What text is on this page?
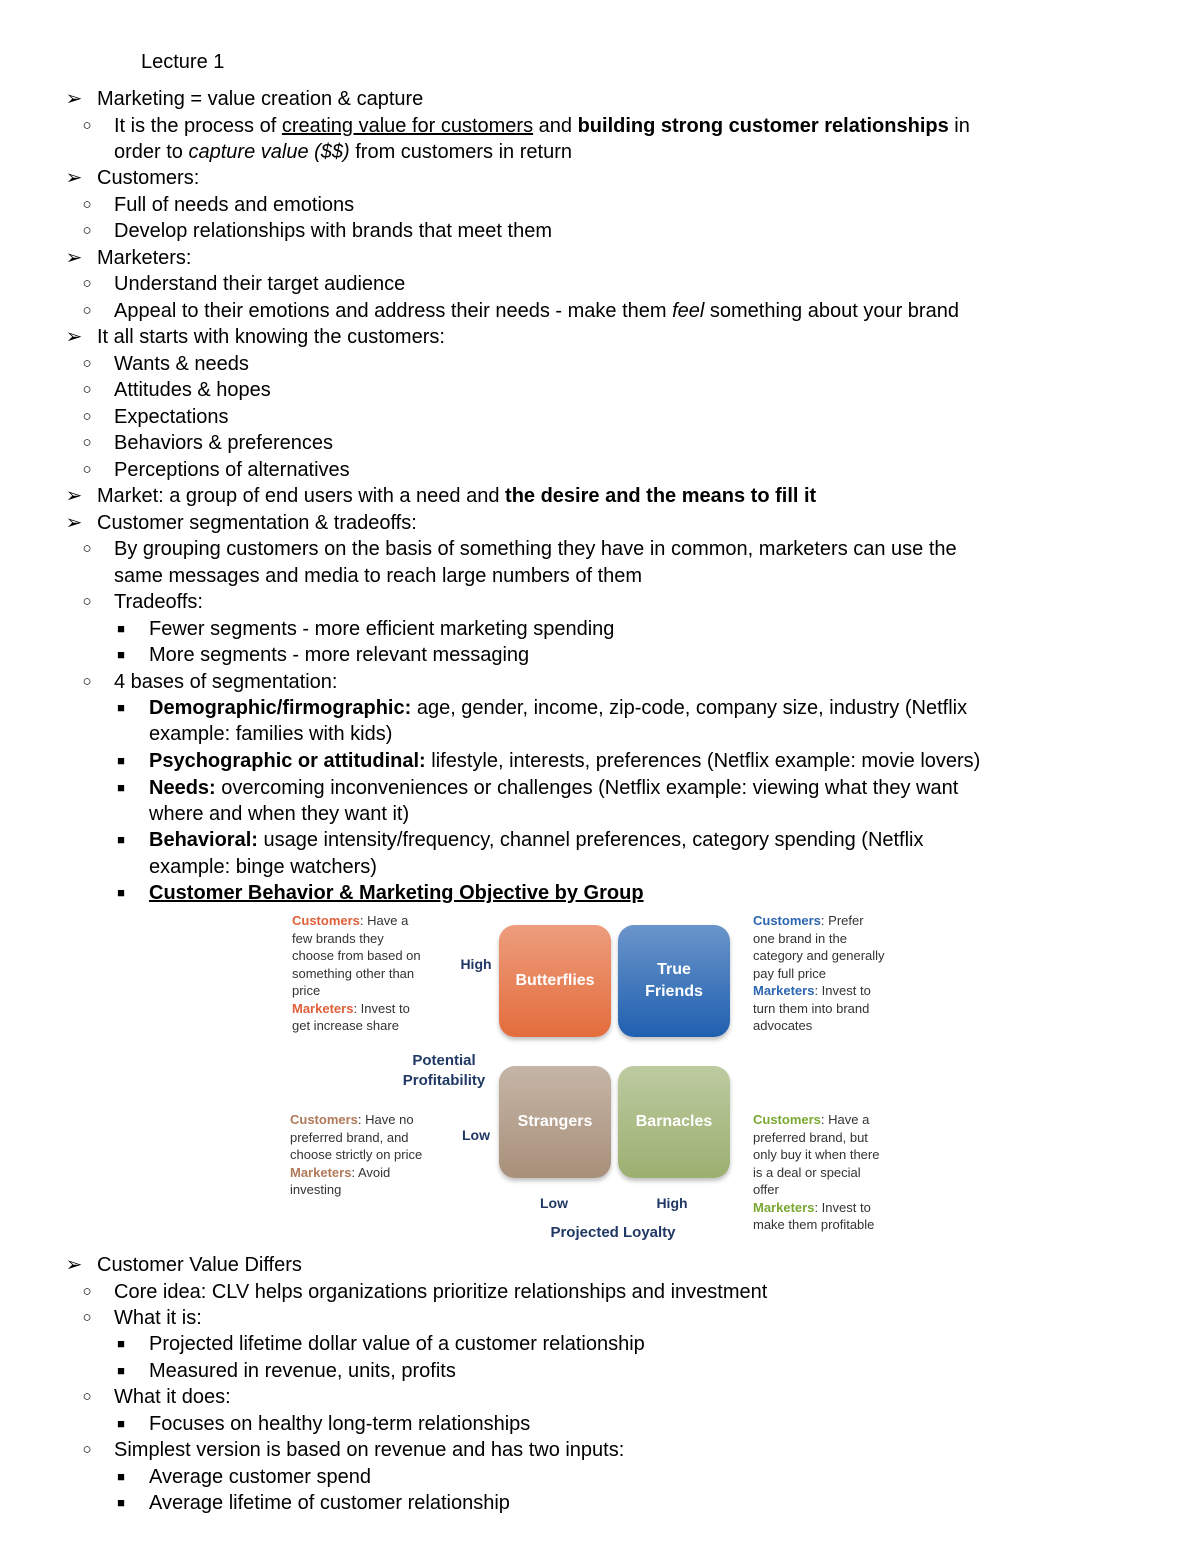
Lecture 1
➢ Marketing = value creation & capture
○	It is the process of creating value for customers and building strong customer relationships in
order to capture value ($$) from customers in return
➢ Customers:
○	Full of needs and emotions
○	Develop relationships with brands that meet them
➢ Marketers:
○	Understand their target audience
○	Appeal to their emotions and address their needs - make them feel something about your brand
➢ It all starts with knowing the customers:
○	Wants & needs
○	Attitudes & hopes
○	Expectations
○	Behaviors & preferences
○	Perceptions of alternatives
➢ Market: a group of end users with a need and the desire and the means to fill it
➢ Customer segmentation & tradeoffs:
○	By grouping customers on the basis of something they have in common, marketers can use the
same messages and media to reach large numbers of them
○	Tradeoffs:
■	Fewer segments - more efficient marketing spending
■	More segments - more relevant messaging
○	4 bases of segmentation:
■	Demographic/firmographic: age, gender, income, zip-code, company size, industry (Netflix
example: families with kids)
■	Psychographic or attitudinal: lifestyle, interests, preferences (Netflix example: movie lovers)
■	Needs: overcoming inconveniences or challenges (Netflix example: viewing what they want
where and when they want it)
■	Behavioral: usage intensity/frequency, channel preferences, category spending (Netflix
example: binge watchers)
■	Customer Behavior & Marketing Objective by Group
Customers: Have a
few brands they
choose from based on
something other than
price
Marketers: Invest to
get increase share
Customers: Prefer
one brand in the
category and generally
pay full price
Marketers: Invest to
turn them into brand
advocates
Customers: Have no
preferred brand, and
choose strictly on price
Marketers: Avoid
investing
Customers: Have a
preferred brand, but
only buy it when there
is a deal or special
offer
Marketers: Invest to
make them profitable
High
Potential
Profitability
Low
Butterflies
True
Friends
Strangers	Barnacles
Low	High
Projected Loyalty
➢ Customer Value Differs
○	Core idea: CLV helps organizations prioritize relationships and investment
○	What it is:
■	Projected lifetime dollar value of a customer relationship
■	Measured in revenue, units, profits
○	What it does:
■	Focuses on healthy long-term relationships
○	Simplest version is based on revenue and has two inputs:
■	Average customer spend
■	Average lifetime of customer relationship
